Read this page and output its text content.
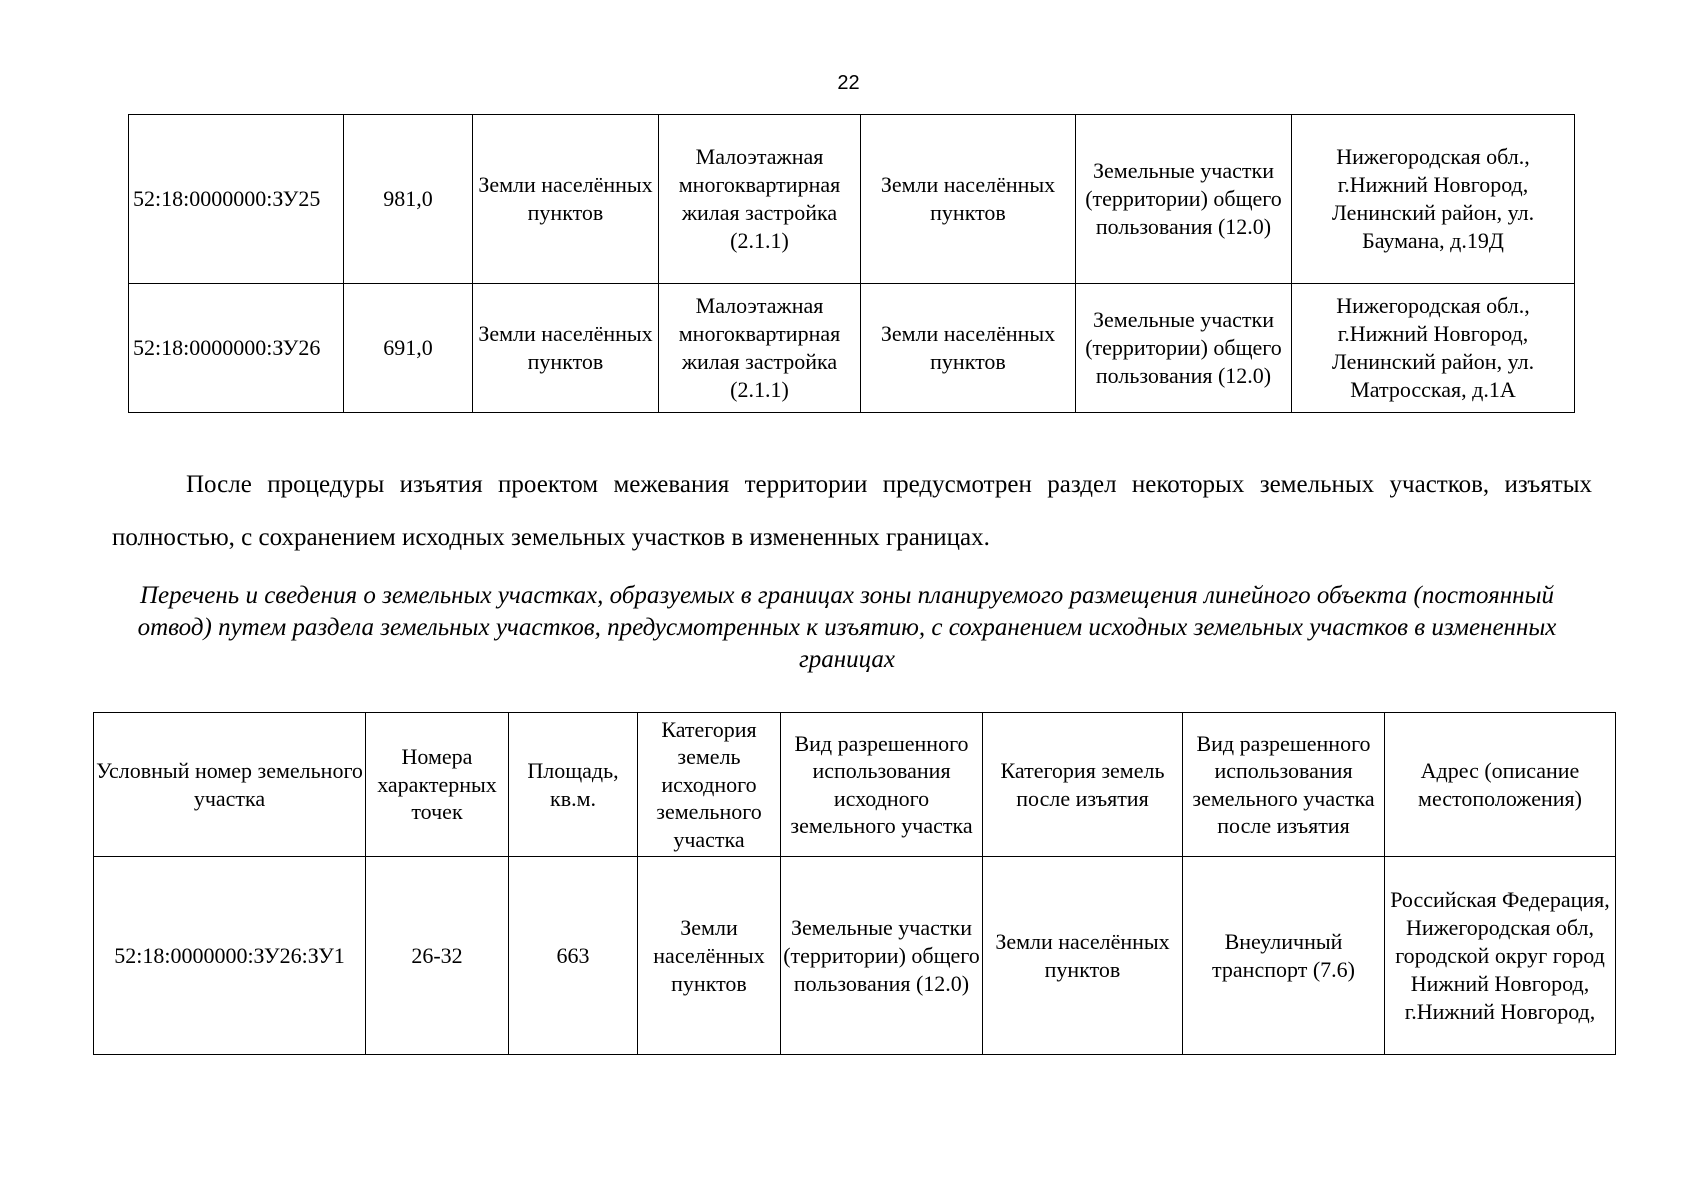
22
52:18:0000000:ЗУ25	981,0	Земли населённых пунктов	Малоэтажная многоквартирная жилая застройка (2.1.1)	Земли населённых пунктов	Земельные участки (территории) общего пользования (12.0)	Нижегородская обл., г.Нижний Новгород, Ленинский район, ул. Баумана, д.19Д
52:18:0000000:ЗУ26	691,0	Земли населённых пунктов	Малоэтажная многоквартирная жилая застройка (2.1.1)	Земли населённых пунктов	Земельные участки (территории) общего пользования (12.0)	Нижегородская обл., г.Нижний Новгород, Ленинский район, ул. Матросская, д.1А
После процедуры изъятия проектом межевания территории предусмотрен раздел некоторых земельных участков, изъятых полностью, с сохранением исходных земельных участков в измененных границах.
Перечень и сведения о земельных участках, образуемых в границах зоны планируемого размещения линейного объекта (постоянный отвод) путем раздела земельных участков, предусмотренных к изъятию, с сохранением исходных земельных участков в измененных границах
Условный номер земельного участка	Номера характерных точек	Площадь, кв.м.	Категория земель исходного земельного участка	Вид разрешенного использования исходного земельного участка	Категория земель после изъятия	Вид разрешенного использования земельного участка после изъятия	Адрес (описание местоположения)
52:18:0000000:ЗУ26:ЗУ1	26-32	663	Земли населённых пунктов	Земельные участки (территории) общего пользования (12.0)	Земли населённых пунктов	Внеуличный транспорт (7.6)	Российская Федерация, Нижегородская обл, городской округ город Нижний Новгород, г.Нижний Новгород,
